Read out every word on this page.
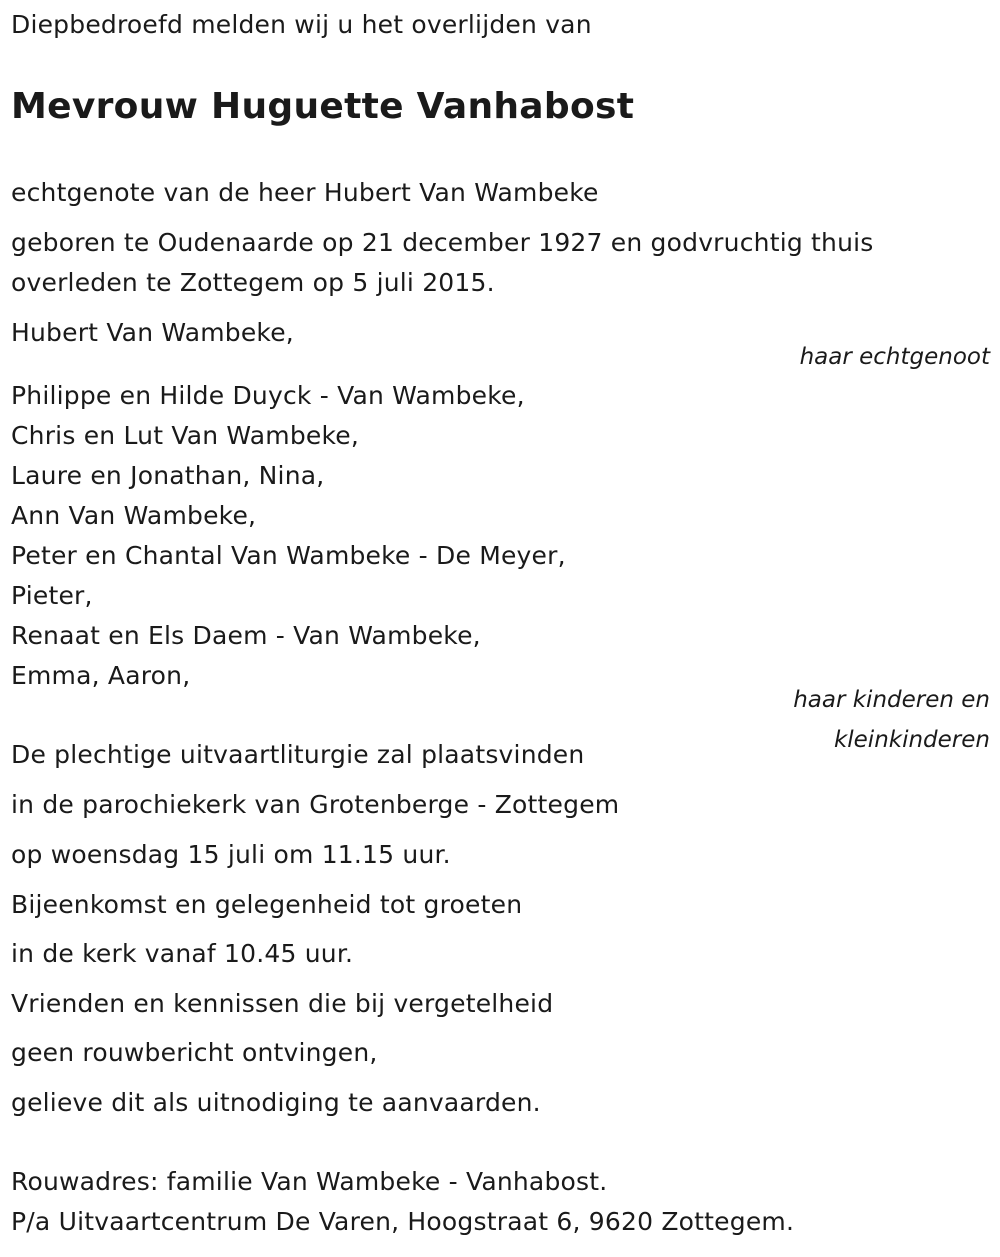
Diepbedroefd melden wij u het overlijden van
Mevrouw Huguette Vanhabost
echtgenote van de heer Hubert Van Wambeke
geboren te Oudenaarde op 21 december 1927 en godvruchtig thuis
overleden te Zottegem op 5 juli 2015.
Hubert Van Wambeke,
haar echtgenoot
Philippe en Hilde Duyck - Van Wambeke,
Chris en Lut Van Wambeke,
Laure en Jonathan, Nina,
Ann Van Wambeke,
Peter en Chantal Van Wambeke - De Meyer,
Pieter,
Renaat en Els Daem - Van Wambeke,
Emma, Aaron,
haar kinderen en
kleinkinderen
De plechtige uitvaartliturgie zal plaatsvinden
in de parochiekerk van Grotenberge - Zottegem
op woensdag 15 juli om 11.15 uur.
Bijeenkomst en gelegenheid tot groeten
in de kerk vanaf 10.45 uur.
Vrienden en kennissen die bij vergetelheid
geen rouwbericht ontvingen,
gelieve dit als uitnodiging te aanvaarden.
Rouwadres: familie Van Wambeke - Vanhabost.
P/a Uitvaartcentrum De Varen, Hoogstraat 6, 9620 Zottegem.
